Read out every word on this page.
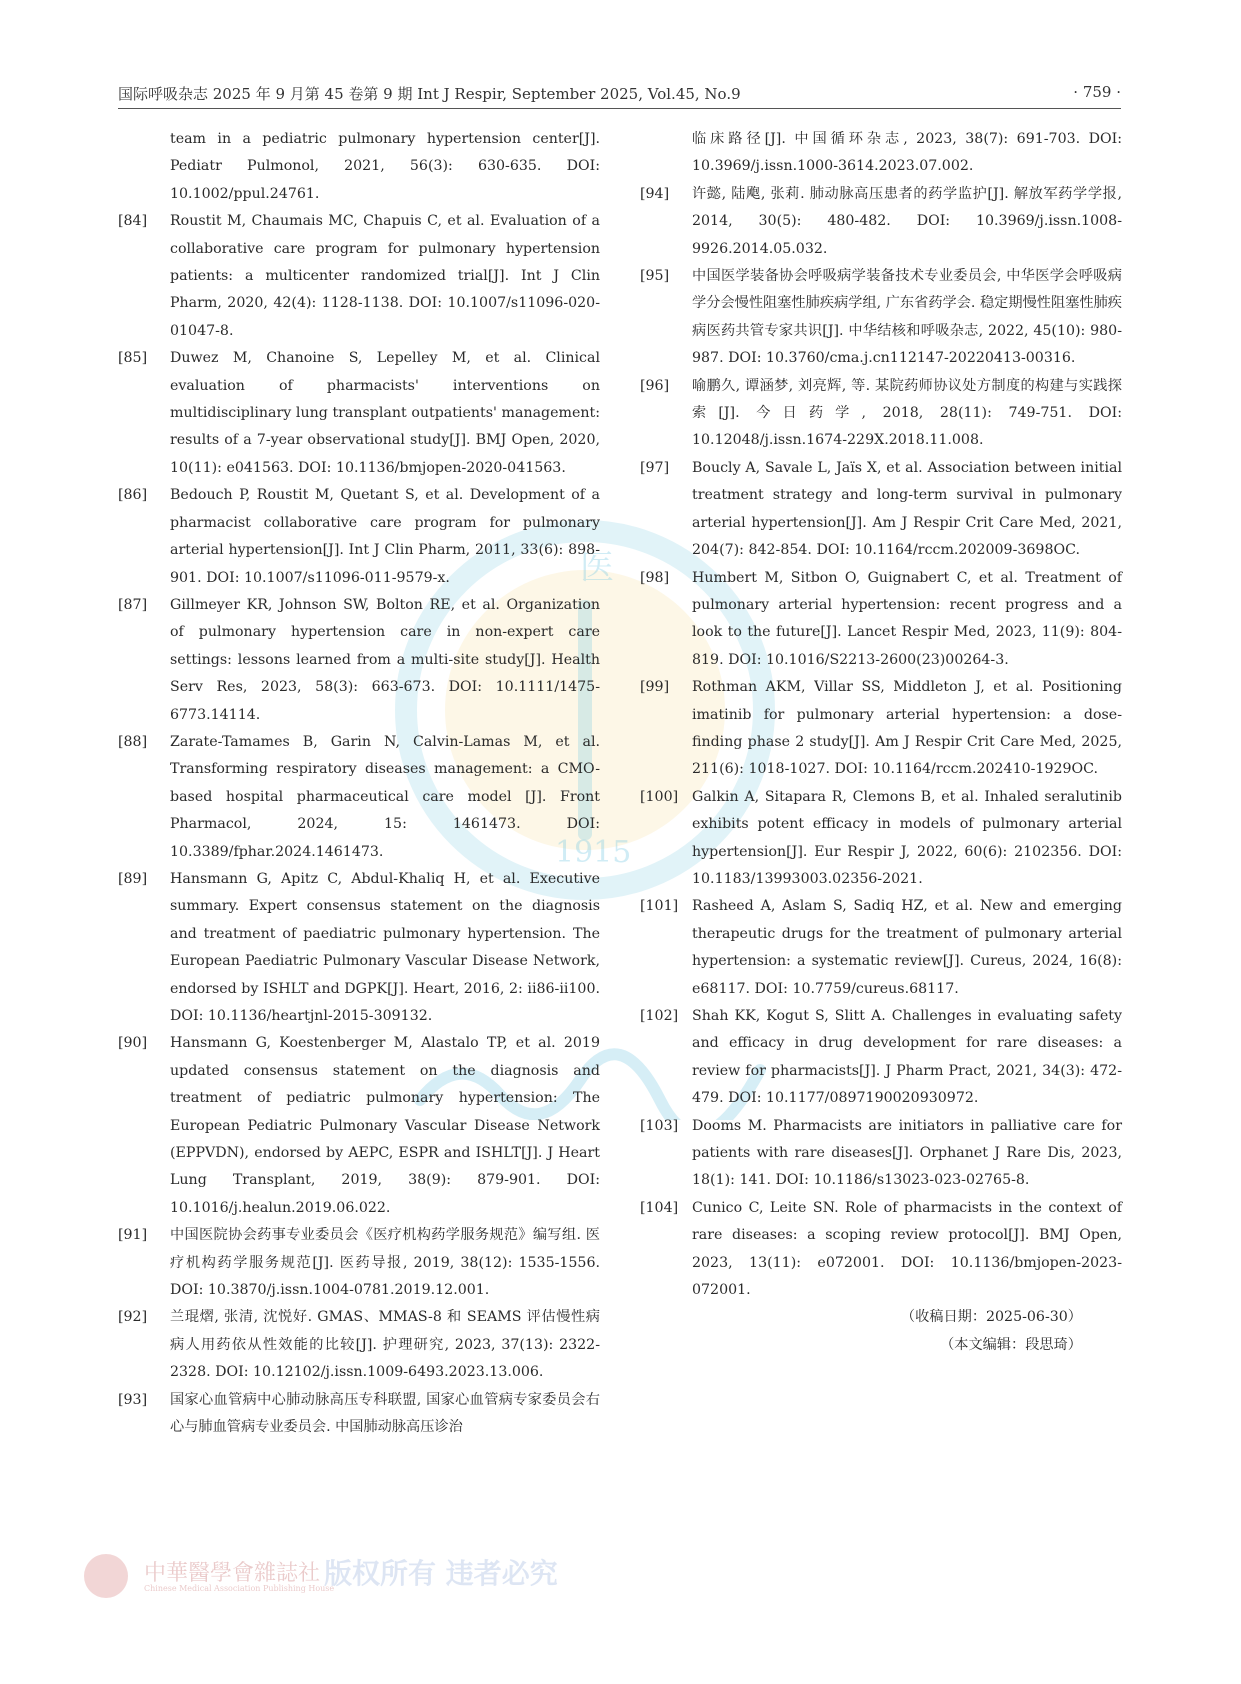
医
1915
国际呼吸杂志 2025 年 9 月第 45 卷第 9 期 Int J Respir, September 2025, Vol.45, No.9	· 759 ·
team in a pediatric pulmonary hypertension center[J]. Pediatr Pulmonol, 2021, 56(3): 630-635. DOI: 10.1002/ppul.24761.
[84]	Roustit M, Chaumais MC, Chapuis C, et al. Evaluation of a collaborative care program for pulmonary hypertension patients: a multicenter randomized trial[J]. Int J Clin Pharm, 2020, 42(4): 1128-1138. DOI: 10.1007/s11096-020-01047-8.
[85]	Duwez M, Chanoine S, Lepelley M, et al. Clinical evaluation of pharmacists' interventions on multidisciplinary lung transplant outpatients' management: results of a 7-year observational study[J]. BMJ Open, 2020, 10(11): e041563. DOI: 10.1136/bmjopen-2020-041563.
[86]	Bedouch P, Roustit M, Quetant S, et al. Development of a pharmacist collaborative care program for pulmonary arterial hypertension[J]. Int J Clin Pharm, 2011, 33(6): 898-901. DOI: 10.1007/s11096-011-9579-x.
[87]	Gillmeyer KR, Johnson SW, Bolton RE, et al. Organization of pulmonary hypertension care in non-expert care settings: lessons learned from a multi-site study[J]. Health Serv Res, 2023, 58(3): 663-673. DOI: 10.1111/1475-6773.14114.
[88]	Zarate-Tamames B, Garin N, Calvin-Lamas M, et al. Transforming respiratory diseases management: a CMO-based hospital pharmaceutical care model [J]. Front Pharmacol, 2024, 15: 1461473. DOI: 10.3389/fphar.2024.1461473.
[89]	Hansmann G, Apitz C, Abdul-Khaliq H, et al. Executive summary. Expert consensus statement on the diagnosis and treatment of paediatric pulmonary hypertension. The European Paediatric Pulmonary Vascular Disease Network, endorsed by ISHLT and DGPK[J]. Heart, 2016, 2: ii86-ii100. DOI: 10.1136/heartjnl-2015-309132.
[90]	Hansmann G, Koestenberger M, Alastalo TP, et al. 2019 updated consensus statement on the diagnosis and treatment of pediatric pulmonary hypertension: The European Pediatric Pulmonary Vascular Disease Network (EPPVDN), endorsed by AEPC, ESPR and ISHLT[J]. J Heart Lung Transplant, 2019, 38(9): 879-901. DOI: 10.1016/j.healun.2019.06.022.
[91]	中国医院协会药事专业委员会《医疗机构药学服务规范》编写组. 医疗机构药学服务规范[J]. 医药导报, 2019, 38(12): 1535-1556. DOI: 10.3870/j.issn.1004-0781.2019.12.001.
[92]	兰琨熠, 张清, 沈悦好. GMAS、MMAS-8 和 SEAMS 评估慢性病病人用药依从性效能的比较[J]. 护理研究, 2023, 37(13): 2322-2328. DOI: 10.12102/j.issn.1009-6493.2023.13.006.
[93]	国家心血管病中心肺动脉高压专科联盟, 国家心血管病专家委员会右心与肺血管病专业委员会. 中国肺动脉高压诊治
临床路径[J]. 中国循环杂志, 2023, 38(7): 691-703. DOI: 10.3969/j.issn.1000-3614.2023.07.002.
[94]	许懿, 陆飑, 张莉. 肺动脉高压患者的药学监护[J]. 解放军药学学报, 2014, 30(5): 480-482. DOI: 10.3969/j.issn.1008-9926.2014.05.032.
[95]	中国医学装备协会呼吸病学装备技术专业委员会, 中华医学会呼吸病学分会慢性阻塞性肺疾病学组, 广东省药学会. 稳定期慢性阻塞性肺疾病医药共管专家共识[J]. 中华结核和呼吸杂志, 2022, 45(10): 980-987. DOI: 10.3760/cma.j.cn112147-20220413-00316.
[96]	喻鹏久, 谭涵梦, 刘亮辉, 等. 某院药师协议处方制度的构建与实践探索[J]. 今日药学, 2018, 28(11): 749-751. DOI: 10.12048/j.issn.1674-229X.2018.11.008.
[97]	Boucly A, Savale L, Jaïs X, et al. Association between initial treatment strategy and long-term survival in pulmonary arterial hypertension[J]. Am J Respir Crit Care Med, 2021, 204(7): 842-854. DOI: 10.1164/rccm.202009-3698OC.
[98]	Humbert M, Sitbon O, Guignabert C, et al. Treatment of pulmonary arterial hypertension: recent progress and a look to the future[J]. Lancet Respir Med, 2023, 11(9): 804-819. DOI: 10.1016/S2213-2600(23)00264-3.
[99]	Rothman AKM, Villar SS, Middleton J, et al. Positioning imatinib for pulmonary arterial hypertension: a dose-finding phase 2 study[J]. Am J Respir Crit Care Med, 2025, 211(6): 1018-1027. DOI: 10.1164/rccm.202410-1929OC.
[100] Galkin A, Sitapara R, Clemons B, et al. Inhaled seralutinib exhibits potent efficacy in models of pulmonary arterial hypertension[J]. Eur Respir J, 2022, 60(6): 2102356. DOI: 10.1183/13993003.02356-2021.
[101] Rasheed A, Aslam S, Sadiq HZ, et al. New and emerging therapeutic drugs for the treatment of pulmonary arterial hypertension: a systematic review[J]. Cureus, 2024, 16(8): e68117. DOI: 10.7759/cureus.68117.
[102] Shah KK, Kogut S, Slitt A. Challenges in evaluating safety and efficacy in drug development for rare diseases: a review for pharmacists[J]. J Pharm Pract, 2021, 34(3): 472-479. DOI: 10.1177/0897190020930972.
[103] Dooms M. Pharmacists are initiators in palliative care for patients with rare diseases[J]. Orphanet J Rare Dis, 2023, 18(1): 141. DOI: 10.1186/s13023-023-02765-8.
[104] Cunico C, Leite SN. Role of pharmacists in the context of rare diseases: a scoping review protocol[J]. BMJ Open, 2023, 13(11): e072001. DOI: 10.1136/bmjopen-2023-072001.
（收稿日期：2025-06-30）
（本文编辑：段思琦）
中華醫學會雜誌社
Chinese Medical Association Publishing House
版权所有 违者必究
